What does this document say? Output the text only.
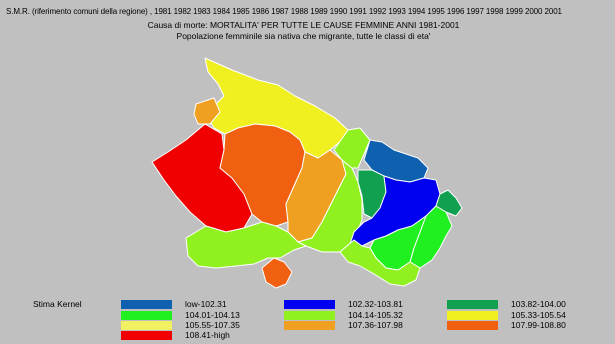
S.M.R. (riferimento comuni della regione) , 1981 1982 1983 1984 1985 1986 1987 1988 1989 1990 1991 1992 1993 1994 1995 1996 1997 1998 1999 2000 2001
Causa di morte: MORTALITA' PER TUTTE LE CAUSE FEMMINE ANNI 1981-2001
Popolazione femminile sia nativa che migrante, tutte le classi di eta'
Stima Kernel	low-102.31	102.32-103.81	103.82-104.00
104.01-104.13	104.14-105.32	105.33-105.54
105.55-107.35	107.36-107.98	107.99-108.80
108.41-high
